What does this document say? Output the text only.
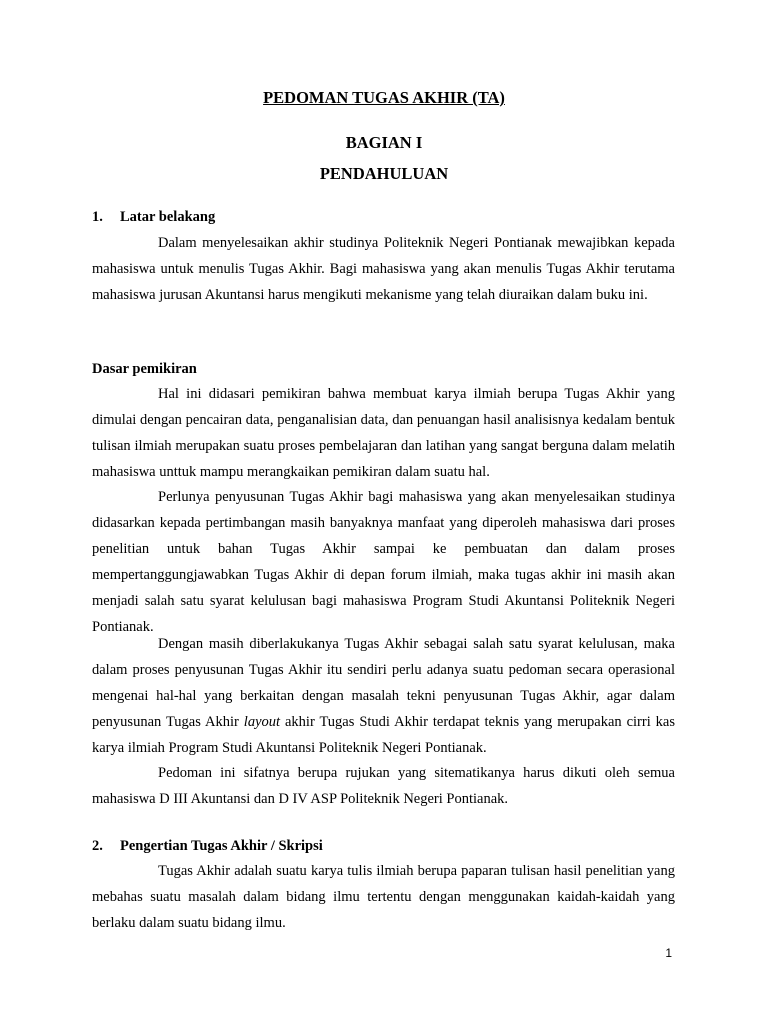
PEDOMAN TUGAS AKHIR (TA)
BAGIAN I
PENDAHULUAN
1. Latar belakang

Dalam menyelesaikan akhir studinya Politeknik Negeri Pontianak mewajibkan kepada mahasiswa untuk menulis Tugas Akhir. Bagi mahasiswa yang akan menulis Tugas Akhir terutama mahasiswa jurusan Akuntansi harus mengikuti mekanisme yang telah diuraikan dalam buku ini.

Dasar pemikiran

Hal ini didasari pemikiran bahwa membuat karya ilmiah berupa Tugas Akhir yang dimulai dengan pencairan data, penganalisian data, dan penuangan hasil analisisnya kedalam bentuk tulisan ilmiah merupakan suatu proses pembelajaran dan latihan yang sangat berguna dalam melatih mahasiswa unttuk mampu merangkaikan pemikiran dalam suatu hal.

Perlunya penyusunan Tugas Akhir bagi mahasiswa yang akan menyelesaikan studinya didasarkan kepada pertimbangan masih banyaknya manfaat yang diperoleh mahasiswa dari proses penelitian untuk bahan Tugas Akhir sampai ke pembuatan dan dalam proses mempertanggungjawabkan Tugas Akhir di depan forum ilmiah, maka tugas akhir ini masih akan menjadi salah satu syarat kelulusan bagi mahasiswa Program Studi Akuntansi Politeknik Negeri Pontianak.

Dengan masih diberlakukanya Tugas Akhir sebagai salah satu syarat kelulusan, maka dalam proses penyusunan Tugas Akhir itu sendiri perlu adanya suatu pedoman secara operasional mengenai hal-hal yang berkaitan dengan masalah tekni penyusunan Tugas Akhir, agar dalam penyusunan Tugas Akhir layout akhir Tugas Studi Akhir terdapat teknis yang merupakan cirri kas karya ilmiah Program Studi Akuntansi Politeknik Negeri Pontianak.

Pedoman ini sifatnya berupa rujukan yang sitematikanya harus dikuti oleh semua mahasiswa D III Akuntansi dan D IV ASP Politeknik Negeri Pontianak.

2. Pengertian Tugas Akhir / Skripsi

Tugas Akhir adalah suatu karya tulis ilmiah berupa paparan tulisan hasil penelitian yang mebahas suatu masalah dalam bidang ilmu tertentu dengan menggunakan kaidah-kaidah yang berlaku dalam suatu bidang ilmu.

1
